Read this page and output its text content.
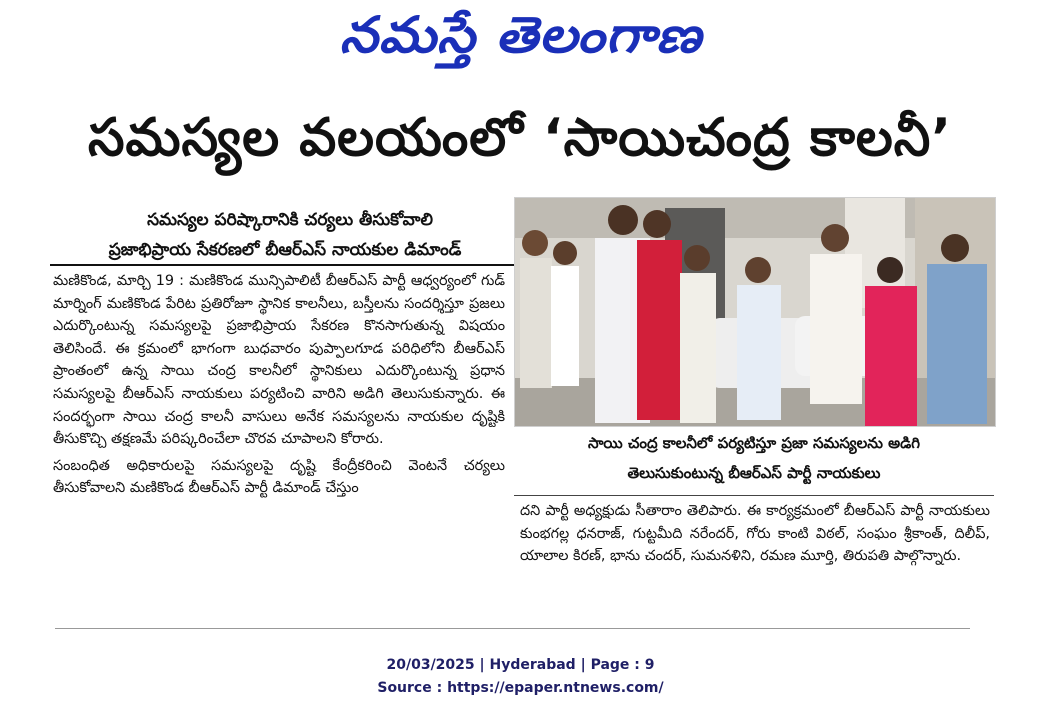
నమస్తే తెలంగాణ
సమస్యల వలయంలో ‘సాయిచంద్ర కాలనీ’
సమస్యల పరిష్కారానికి చర్యలు తీసుకోవాలి
ప్రజాభిప్రాయ సేకరణలో బీఆర్ఎస్ నాయకుల డిమాండ్

మణికొండ, మార్చి 19 : మణికొండ మున్సిపాలిటీ బీఆర్ఎస్ పార్టీ ఆధ్వర్యంలో గుడ్ మార్నింగ్ మణికొండ పేరిట ప్రతిరోజూ స్థానిక కాలనీలు, బస్తీలను సందర్శిస్తూ ప్రజలు ఎదుర్కొంటున్న సమస్యలపై ప్రజాభిప్రాయ సేకరణ కొనసాగుతున్న విషయం తెలిసిందే. ఈ క్రమంలో భాగంగా బుధవారం పుప్పాలగూడ పరిధిలోని బీఆర్ఎస్ ప్రాంతంలో ఉన్న సాయి చంద్ర కాలనీలో స్థానికులు ఎదుర్కొంటున్న ప్రధాన సమస్యలపై బీఆర్ఎస్ నాయకులు పర్యటించి వారిని అడిగి తెలుసుకున్నారు. ఈ సందర్భంగా సాయి చంద్ర కాలనీ వాసులు అనేక సమస్యలను నాయకుల దృష్టికి తీసుకొచ్చి తక్షణమే పరిష్కరించేలా చొరవ చూపాలని కోరారు.

సంబంధిత అధికారులపై సమస్యలపై దృష్టి కేంద్రీకరించి వెంటనే చర్యలు తీసుకోవాలని మణికొండ బీఆర్ఎస్ పార్టీ డిమాండ్ చేస్తుం

సాయి చంద్ర కాలనీలో పర్యటిస్తూ ప్రజా సమస్యలను అడిగి
తెలుసుకుంటున్న బీఆర్ఎస్ పార్టీ నాయకులు
దని పార్టీ అధ్యక్షుడు సీతారాం తెలిపారు. ఈ కార్యక్రమంలో బీఆర్ఎస్ పార్టీ నాయకులు కుంభగల్ల ధనరాజ్, గుట్టమీది నరేందర్, గోరు కాంటి విఠల్, సంఘం శ్రీకాంత్, దిలీప్, యాలాల కిరణ్, భాను చందర్, సుమనళిని, రమణ మూర్తి, తిరుపతి పాల్గొన్నారు.
20/03/2025 | Hyderabad | Page : 9
Source : https://epaper.ntnews.com/
